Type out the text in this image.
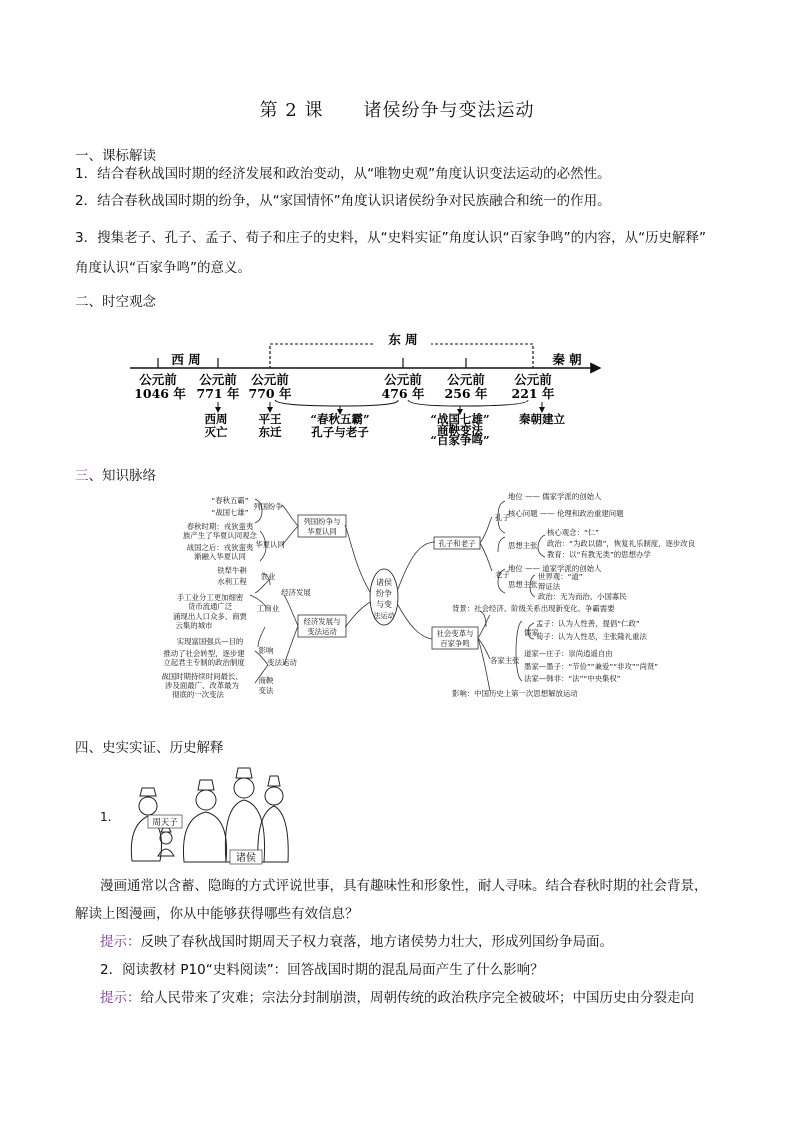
第 2 课 诸侯纷争与变法运动
一、课标解读
1．结合春秋战国时期的经济发展和政治变动，从“唯物史观”角度认识变法运动的必然性。
2．结合春秋战国时期的纷争，从“家国情怀”角度认识诸侯纷争对民族融合和统一的作用。
3．搜集老子、孔子、孟子、荀子和庄子的史料，从“史料实证”角度认识“百家争鸣”的内容，从“历史解释”
角度认识“百家争鸣”的意义。
二、时空观念
东 周
西 周	秦 朝
公元前
1046 年
公元前
771 年
公元前
770 年
公元前
476 年
公元前
256 年
公元前
221 年
西周
灭亡
平王
东迁
“春秋五霸”
孔子与老子
“战国七雄”
商鞅变法
“百家争鸣”
秦朝建立
三、知识脉络
诸侯
纷争
与变
法运动
列国纷争与华夏认同
列国纷争
“春秋五霸”
“战国七雄”
华夏认同
春秋时期：戎狄蛮夷
族产生了华夏认同观念
战国之后：戎狄蛮夷
渐融入华夏认同
经济发展与变法运动
经济发展
农业
铁犁牛耕
水利工程
工商业
手工业分工更加细密
货币流通广泛
涌现出人口众多、商贾
云集的城市
变法运动
影响
实现富国强兵—目的
推动了社会转型，逐步建
立起君主专制的政治制度
商鞅
变法
战国时期持续时间最长、
涉及面最广、改革最为
彻底的一次变法
孔子和老子
孔子
地位 —— 儒家学派的创始人
核心问题 —— 伦理和政治重建问题
思想主张
核心观念：“仁”
政治：“为政以德”，恢复礼乐制度，逐步改良
教育：以“有教无类”的思想办学
老子
地位 —— 道家学派的创始人
思想主张
世界观：“道”
辩证法
政治：无为而治、小国寡民
社会变革与百家争鸣
背景：社会经济、阶级关系出现新变化、争霸需要
各家主张
儒家
孟子：认为人性善，提倡“仁政”
荀子：认为人性恶，主张隆礼重法
道家—庄子：崇尚逍遥自由
墨家—墨子：“节俭”“兼爱”“非攻”“尚贤”
法家—韩非：“法”“中央集权”
影响：中国历史上第一次思想解放运动
四、史实实证、历史解释
1.	周天子
诸侯
漫画通常以含蓄、隐晦的方式评说世事，具有趣味性和形象性，耐人寻味。结合春秋时期的社会背景，
解读上图漫画，你从中能够获得哪些有效信息？
提示：反映了春秋战国时期周天子权力衰落，地方诸侯势力壮大，形成列国纷争局面。
2．阅读教材 P10“史料阅读”：回答战国时期的混乱局面产生了什么影响？
提示：给人民带来了灾难；宗法分封制崩溃，周朝传统的政治秩序完全被破坏；中国历史由分裂走向
